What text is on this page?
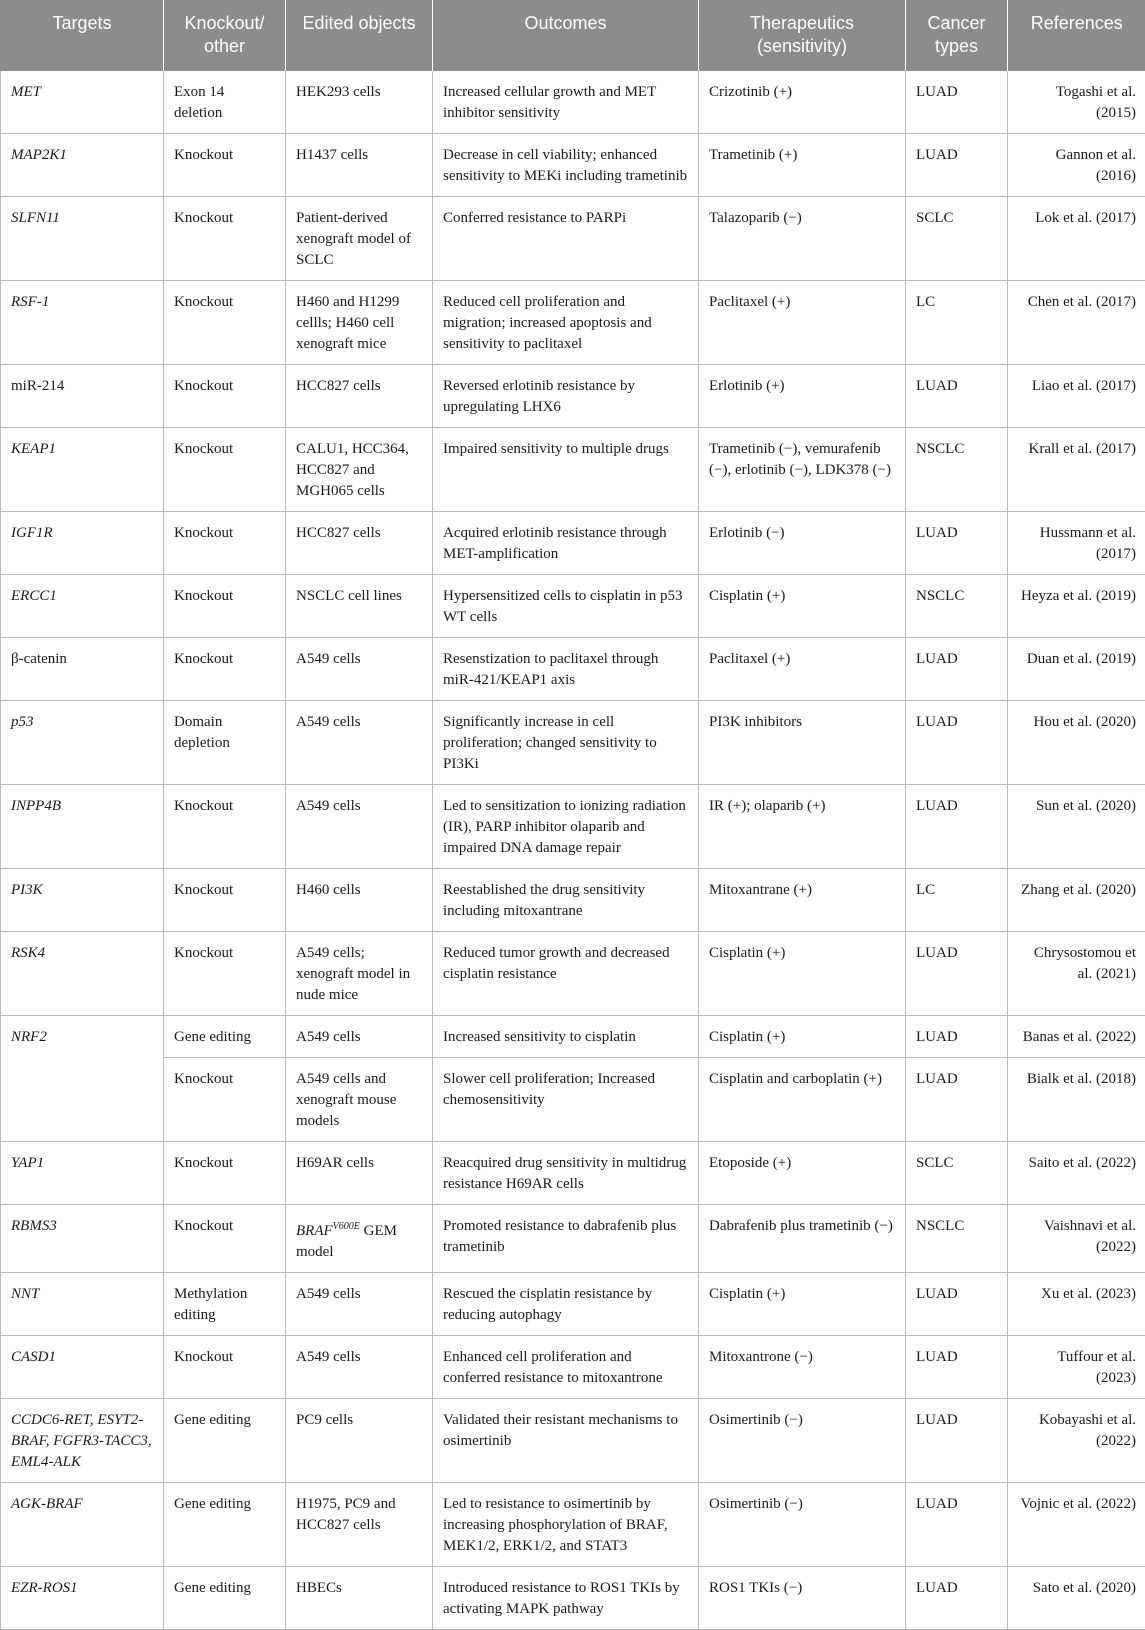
Targets	Knockout/ other	Edited objects	Outcomes	Therapeutics (sensitivity)	Cancer types	References
MET	Exon 14 deletion	HEK293 cells	Increased cellular growth and MET inhibitor sensitivity	Crizotinib (+)	LUAD	Togashi et al. (2015)
MAP2K1	Knockout	H1437 cells	Decrease in cell viability; enhanced sensitivity to MEKi including trametinib	Trametinib (+)	LUAD	Gannon et al. (2016)
SLFN11	Knockout	Patient-derived xenograft model of SCLC	Conferred resistance to PARPi	Talazoparib (−)	SCLC	Lok et al. (2017)
RSF-1	Knockout	H460 and H1299 cellls; H460 cell xenograft mice	Reduced cell proliferation and migration; increased apoptosis and sensitivity to paclitaxel	Paclitaxel (+)	LC	Chen et al. (2017)
miR-214	Knockout	HCC827 cells	Reversed erlotinib resistance by upregulating LHX6	Erlotinib (+)	LUAD	Liao et al. (2017)
KEAP1	Knockout	CALU1, HCC364, HCC827 and MGH065 cells	Impaired sensitivity to multiple drugs	Trametinib (−), vemurafenib (−), erlotinib (−), LDK378 (−)	NSCLC	Krall et al. (2017)
IGF1R	Knockout	HCC827 cells	Acquired erlotinib resistance through MET-amplification	Erlotinib (−)	LUAD	Hussmann et al. (2017)
ERCC1	Knockout	NSCLC cell lines	Hypersensitized cells to cisplatin in p53 WT cells	Cisplatin (+)	NSCLC	Heyza et al. (2019)
β-catenin	Knockout	A549 cells	Resenstization to paclitaxel through miR-421/KEAP1 axis	Paclitaxel (+)	LUAD	Duan et al. (2019)
p53	Domain depletion	A549 cells	Significantly increase in cell proliferation; changed sensitivity to PI3Ki	PI3K inhibitors	LUAD	Hou et al. (2020)
INPP4B	Knockout	A549 cells	Led to sensitization to ionizing radiation (IR), PARP inhibitor olaparib and impaired DNA damage repair	IR (+); olaparib (+)	LUAD	Sun et al. (2020)
PI3K	Knockout	H460 cells	Reestablished the drug sensitivity including mitoxantrane	Mitoxantrane (+)	LC	Zhang et al. (2020)
RSK4	Knockout	A549 cells; xenograft model in nude mice	Reduced tumor growth and decreased cisplatin resistance	Cisplatin (+)	LUAD	Chrysostomou et al. (2021)
NRF2	Gene editing	A549 cells	Increased sensitivity to cisplatin	Cisplatin (+)	LUAD	Banas et al. (2022)
	Knockout	A549 cells and xenograft mouse models	Slower cell proliferation; Increased chemosensitivity	Cisplatin and carboplatin (+)	LUAD	Bialk et al. (2018)
YAP1	Knockout	H69AR cells	Reacquired drug sensitivity in multidrug resistance H69AR cells	Etoposide (+)	SCLC	Saito et al. (2022)
RBMS3	Knockout	$BRAF^{V600E}$ GEM model	Promoted resistance to dabrafenib plus trametinib	Dabrafenib plus trametinib (−)	NSCLC	Vaishnavi et al. (2022)
NNT	Methylation editing	A549 cells	Rescued the cisplatin resistance by reducing autophagy	Cisplatin (+)	LUAD	Xu et al. (2023)
CASD1	Knockout	A549 cells	Enhanced cell proliferation and conferred resistance to mitoxantrone	Mitoxantrone (−)	LUAD	Tuffour et al. (2023)
CCDC6-RET, ESYT2-BRAF, FGFR3-TACC3, EML4-ALK	Gene editing	PC9 cells	Validated their resistant mechanisms to osimertinib	Osimertinib (−)	LUAD	Kobayashi et al. (2022)
AGK-BRAF	Gene editing	H1975, PC9 and HCC827 cells	Led to resistance to osimertinib by increasing phosphorylation of BRAF, MEK1/2, ERK1/2, and STAT3	Osimertinib (−)	LUAD	Vojnic et al. (2022)
EZR-ROS1	Gene editing	HBECs	Introduced resistance to ROS1 TKIs by activating MAPK pathway	ROS1 TKIs (−)	LUAD	Sato et al. (2020)
